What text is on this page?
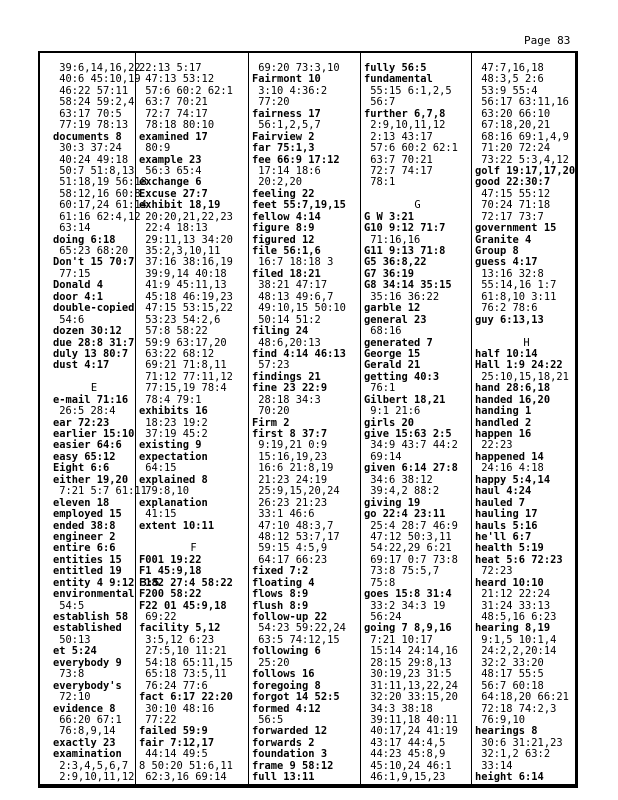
Page 83
39:6,14,16,22
40:6 45:10,19
46:22 57:11
58:24 59:2,4
63:17 70:5
77:19 78:13
documents 8
30:3 37:24
40:24 49:18
50:7 51:8,13
51:18,19 56:18
58:12,16 60:8
60:17,24 61:14
61:16 62:4,12
63:14
doing 6:18
65:23 68:20
Don't 15 70:7
77:15
Donald 4
door 4:1
double-copied
54:6
dozen 30:12
due 28:8 31:7
duly 13 80:7
dust 4:17
E
e-mail 71:16
26:5 28:4
ear 72:23
earlier 15:10
easier 64:6
easy 65:12
Eight 6:6
either 19,20
7:21 5:7 61:11
eleven 18
employed 15
ended 38:8
engineer 2
entire 6:6
entities 15
entitled 19
entity 4 9:12 3:5
environmental
54:5
establish 58
established
50:13
et 5:24
everybody 9
73:8
everybody's
72:10
evidence 8
66:20 67:1
76:8,9,14
exactly 23
examination
2:3,4,5,6,7
2:9,10,11,12
22:13 5:17
47:13 53:12
57:6 60:2 62:1
63:7 70:21
72:7 74:17
78:18 80:10
examined 17
80:9
example 23
56:3 65:4
exchange 6
Excuse 27:7
exhibit 18,19
20:20,21,22,23
22:4 18:13
29:11,13 34:20
35:2,3,10,11
37:16 38:16,19
39:9,14 40:18
41:9 45:11,13
45:18 46:19,23
47:15 53:15,22
53:23 54:2,6
57:8 58:22
59:9 63:17,20
63:22 68:12
69:21 71:8,11
71:12 77:11,12
77:15,19 78:4
78:4 79:1
exhibits 16
18:23 19:2
37:19 45:2
existing 9
expectation
64:15
explained 8
79:8,10
explanation
41:15
extent 10:11
F
F001 19:22
F1 45:9,18
F182 27:4 58:22
F200 58:22
F22 01 45:9,18
69:22
facility 5,12
3:5,12 6:23
27:5,10 11:21
54:18 65:11,15
65:18 73:5,11
76:24 77:6
fact 6:17 22:20
30:10 48:16
77:22
failed 59:9
fair 7:12,17
44:14 49:5
8 50:20 51:6,11
62:3,16 69:14
69:20 73:3,10
Fairmont 10
3:10 4:36:2
77:20
fairness 17
56:1,2,5,7
Fairview 2
far 75:1,3
fee 66:9 17:12
17:14 18:6
20:2,20
feeling 22
feet 55:7,19,15
fellow 4:14
figure 8:9
figured 12
file 56:1,6
16:7 18:18 3
filed 18:21
38:21 47:17
48:13 49:6,7
49:10,15 50:10
50:14 51:2
filing 24
48:6,20:13
find 4:14 46:13
57:23
findings 21
fine 23 22:9
28:18 34:3
70:20
Firm 2
first 8 37:7
9:19,21 0:9
15:16,19,23
16:6 21:8,19
21:23 24:19
25:9,15,20,24
26:23 21:23
33:1 46:6
47:10 48:3,7
48:12 53:7,17
59:15 4:5,9
64:17 66:23
fixed 7:2
floating 4
flows 8:9
flush 8:9
follow-up 22
54:23 59:22,24
63:5 74:12,15
following 6
25:20
follows 16
foregoing 8
forgot 14 52:5
formed 4:12
56:5
forwarded 12
forwards 2
foundation 3
frame 9 58:12
full 13:11
fully 56:5
fundamental
55:15 6:1,2,5
56:7
further 6,7,8
2:9,10,11,12
2:13 43:17
57:6 60:2 62:1
63:7 70:21
72:7 74:17
78:1
G
G W 3:21
G10 9:12 71:7
71:16,16
G11 9:13 71:8
G5 36:8,22
G7 36:19
G8 34:14 35:15
35:16 36:22
garble 12
general 23
68:16
generated 7
George 15
Gerald 21
getting 40:3
76:1
Gilbert 18,21
9:1 21:6
girls 20
give 15:63 2:5
34:9 43:7 44:2
69:14
given 6:14 27:8
34:6 38:12
39:4,2 88:2
giving 19
go 22:4 23:11
25:4 28:7 46:9
47:12 50:3,11
54:22,29 6:21
69:17 0:7 73:8
73:8 75:5,7
75:8
goes 15:8 31:4
33:2 34:3 19
56:24
going 7 8,9,16
7:21 10:17
15:14 24:14,16
28:15 29:8,13
30:19,23 31:5
31:11,13,22,24
32:20 33:15,20
34:3 38:18
39:11,18 40:11
40:17,24 41:19
43:17 44:4,5
44:23 45:8,9
45:10,24 46:1
46:1,9,15,23
47:7,16,18
48:3,5 2:6
53:9 55:4
56:17 63:11,16
63:20 66:10
67:18,20,21
68:16 69:1,4,9
71:20 72:24
73:22 5:3,4,12
golf 19:17,17,20
good 22:30:7
47:15 55:12
70:24 71:18
72:17 73:7
government 15
Granite 4
Group 8
guess 4:17
13:16 32:8
55:14,16 1:7
61:8,10 3:11
76:2 78:6
guy 6:13,13
H
half 10:14
Hall 1:9 24:22
25:10,15,18,21
hand 28:6,18
handed 16,20
handing 1
handled 2
happen 16
22:23
happened 14
24:16 4:18
happy 5:4,14
haul 4:24
hauled 7
hauling 17
hauls 5:16
he'll 6:7
health 5:19
heat 5:6 72:23
72:23
heard 10:10
21:12 22:24
31:24 33:13
48:5,16 6:23
hearing 8,19
9:1,5 10:1,4
24:2,2,20:14
32:2 33:20
48:17 55:5
56:7 60:18
64:18,20 66:21
72:18 74:2,3
76:9,10
hearings 8
30:6 31:21,23
32:1,2 63:2
33:14
height 6:14
